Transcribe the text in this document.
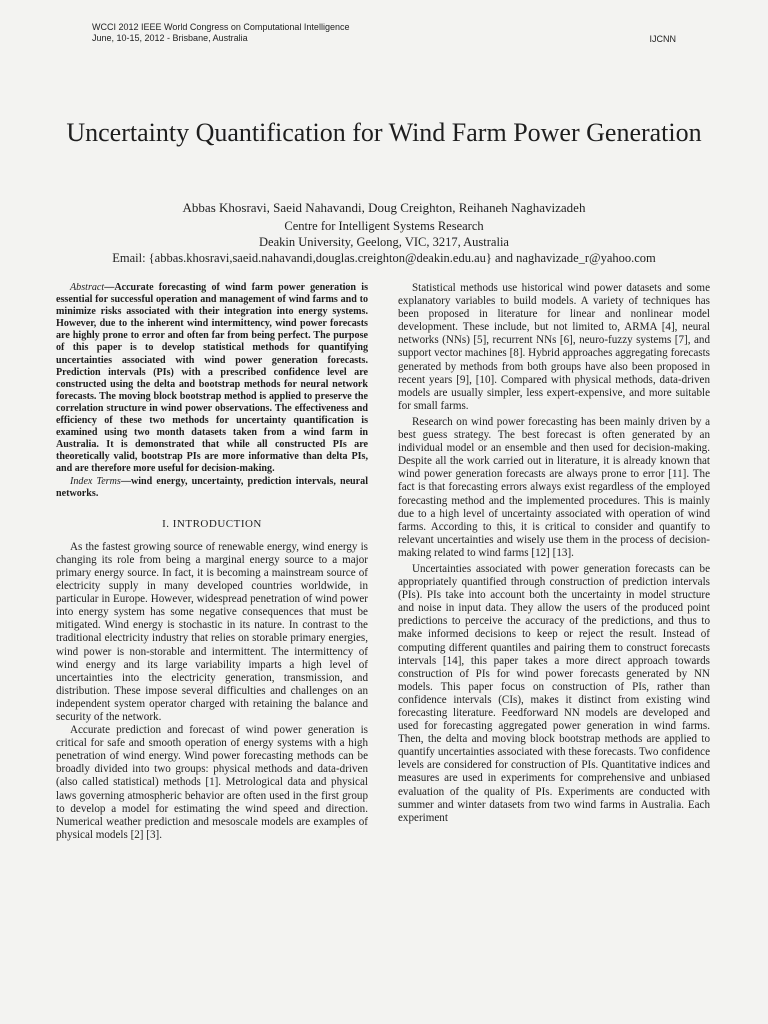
WCCI 2012 IEEE World Congress on Computational Intelligence
June, 10-15, 2012 - Brisbane, Australia	IJCNN
Uncertainty Quantification for Wind Farm Power Generation
Abbas Khosravi, Saeid Nahavandi, Doug Creighton, Reihaneh Naghavizadeh
Centre for Intelligent Systems Research
Deakin University, Geelong, VIC, 3217, Australia
Email: {abbas.khosravi,saeid.nahavandi,douglas.creighton@deakin.edu.au} and naghavizade_r@yahoo.com

Abstract—Accurate forecasting of wind farm power generation is essential for successful operation and management of wind farms and to minimize risks associated with their integration into energy systems. However, due to the inherent wind intermittency, wind power forecasts are highly prone to error and often far from being perfect. The purpose of this paper is to develop statistical methods for quantifying uncertainties associated with wind power generation forecasts. Prediction intervals (PIs) with a prescribed confidence level are constructed using the delta and bootstrap methods for neural network forecasts. The moving block bootstrap method is applied to preserve the correlation structure in wind power observations. The effectiveness and efficiency of these two methods for uncertainty quantification is examined using two month datasets taken from a wind farm in Australia. It is demonstrated that while all constructed PIs are theoretically valid, bootstrap PIs are more informative than delta PIs, and are therefore more useful for decision-making.

Index Terms—wind energy, uncertainty, prediction intervals, neural networks.

I. INTRODUCTION

As the fastest growing source of renewable energy, wind energy is changing its role from being a marginal energy source to a major primary energy source. In fact, it is becoming a mainstream source of electricity supply in many developed countries worldwide, in particular in Europe. However, widespread penetration of wind power into energy system has some negative consequences that must be mitigated. Wind energy is stochastic in its nature. In contrast to the traditional electricity industry that relies on storable primary energies, wind power is non-storable and intermittent. The intermittency of wind energy and its large variability imparts a high level of uncertainties into the electricity generation, transmission, and distribution. These impose several difficulties and challenges on an independent system operator charged with retaining the balance and security of the network.

Accurate prediction and forecast of wind power generation is critical for safe and smooth operation of energy systems with a high penetration of wind energy. Wind power forecasting methods can be broadly divided into two groups: physical methods and data-driven (also called statistical) methods [1]. Metrological data and physical laws governing atmospheric behavior are often used in the first group to develop a model for estimating the wind speed and direction. Numerical weather prediction and mesoscale models are examples of physical models [2] [3].

Statistical methods use historical wind power datasets and some explanatory variables to build models. A variety of techniques has been proposed in literature for linear and nonlinear model development. These include, but not limited to, ARMA [4], neural networks (NNs) [5], recurrent NNs [6], neuro-fuzzy systems [7], and support vector machines [8]. Hybrid approaches aggregating forecasts generated by methods from both groups have also been proposed in recent years [9], [10]. Compared with physical methods, data-driven models are usually simpler, less expert-expensive, and more suitable for small farms.

Research on wind power forecasting has been mainly driven by a best guess strategy. The best forecast is often generated by an individual model or an ensemble and then used for decision-making. Despite all the work carried out in literature, it is already known that wind power generation forecasts are always prone to error [11]. The fact is that forecasting errors always exist regardless of the employed forecasting method and the implemented procedures. This is mainly due to a high level of uncertainty associated with operation of wind farms. According to this, it is critical to consider and quantify to relevant uncertainties and wisely use them in the process of decision-making related to wind farms [12] [13].

Uncertainties associated with power generation forecasts can be appropriately quantified through construction of prediction intervals (PIs). PIs take into account both the uncertainty in model structure and noise in input data. They allow the users of the produced point predictions to perceive the accuracy of the predictions, and thus to make informed decisions to keep or reject the result. Instead of computing different quantiles and pairing them to construct forecasts intervals [14], this paper takes a more direct approach towards construction of PIs for wind power forecasts generated by NN models. This paper focus on construction of PIs, rather than confidence intervals (CIs), makes it distinct from existing wind forecasting literature. Feedforward NN models are developed and used for forecasting aggregated power generation in wind farms. Then, the delta and moving block bootstrap methods are applied to quantify uncertainties associated with these forecasts. Two confidence levels are considered for construction of PIs. Quantitative indices and measures are used in experiments for comprehensive and unbiased evaluation of the quality of PIs. Experiments are conducted with summer and winter datasets from two wind farms in Australia. Each experiment
